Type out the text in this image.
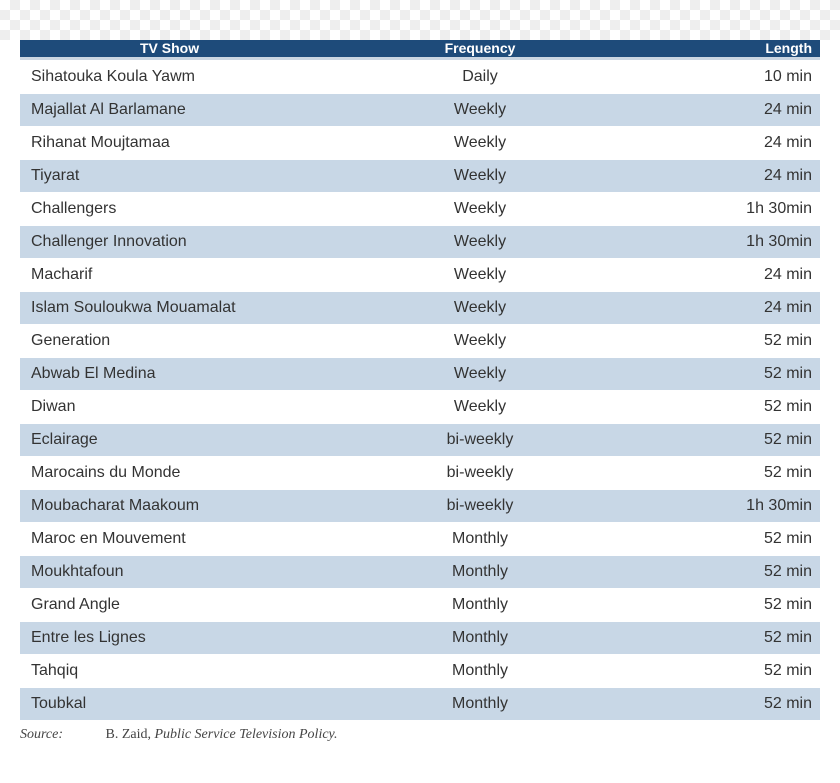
TV Show	Frequency	Length
Sihatouka Koula Yawm	Daily	10 min
Majallat Al Barlamane	Weekly	24 min
Rihanat Moujtamaa	Weekly	24 min
Tiyarat	Weekly	24 min
Challengers	Weekly	1h 30min
Challenger Innovation	Weekly	1h 30min
Macharif	Weekly	24 min
Islam Souloukwa Mouamalat	Weekly	24 min
Generation	Weekly	52 min
Abwab El Medina	Weekly	52 min
Diwan	Weekly	52 min
Eclairage	bi-weekly	52 min
Marocains du Monde	bi-weekly	52 min
Moubacharat Maakoum	bi-weekly	1h 30min
Maroc en Mouvement	Monthly	52 min
Moukhtafoun	Monthly	52 min
Grand Angle	Monthly	52 min
Entre les Lignes	Monthly	52 min
Tahqiq	Monthly	52 min
Toubkal	Monthly	52 min
Source:	B. Zaid, Public Service Television Policy.
